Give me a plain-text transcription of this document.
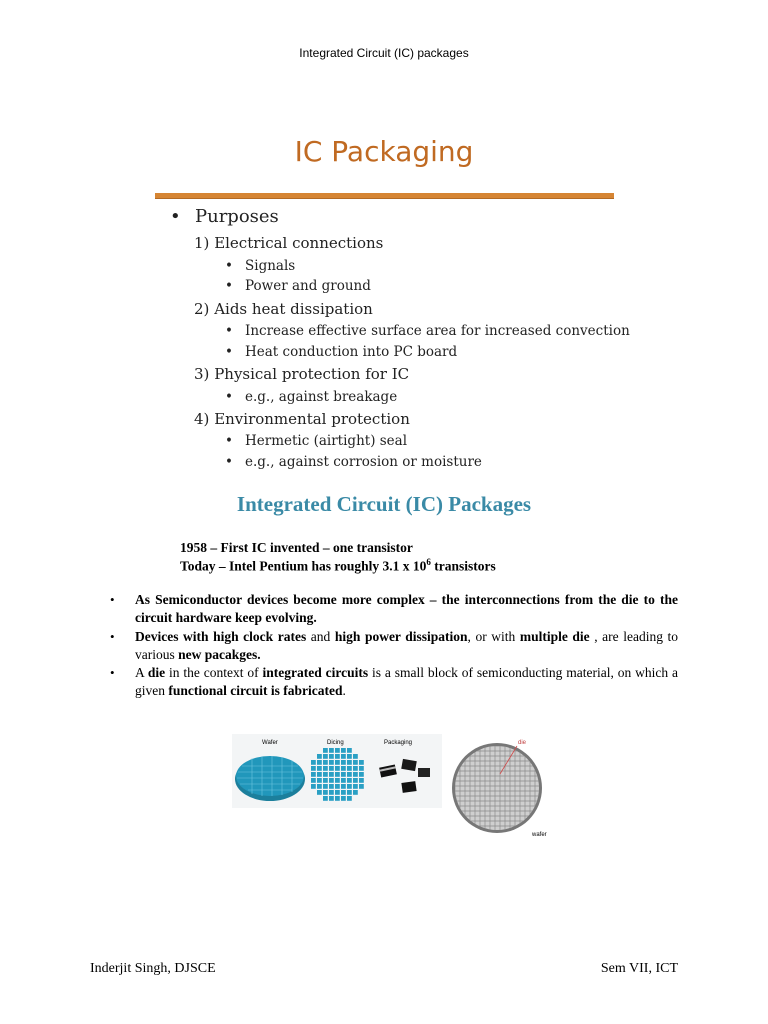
Integrated Circuit (IC) packages
IC Packaging
• Purposes
1) Electrical connections
• Signals
• Power and ground
2) Aids heat dissipation
• Increase effective surface area for increased convection
• Heat conduction into PC board
3) Physical protection for IC
• e.g., against breakage
4) Environmental protection
• Hermetic (airtight) seal
• e.g., against corrosion or moisture
Integrated Circuit (IC) Packages
1958 – First IC invented – one transistor
Today – Intel Pentium has roughly 3.1 x $10^6$ transistors
• As Semiconductor devices become more complex – the interconnections from the die to the circuit hardware keep evolving.
• Devices with high clock rates and high power dissipation, or with multiple die , are leading to various new pacakges.
• A die in the context of integrated circuits is a small block of semiconducting material, on which a given functional circuit is fabricated.
Wafer	Dicing	Packaging	die
wafer
Inderjit Singh, DJSCE	Sem VII, ICT
